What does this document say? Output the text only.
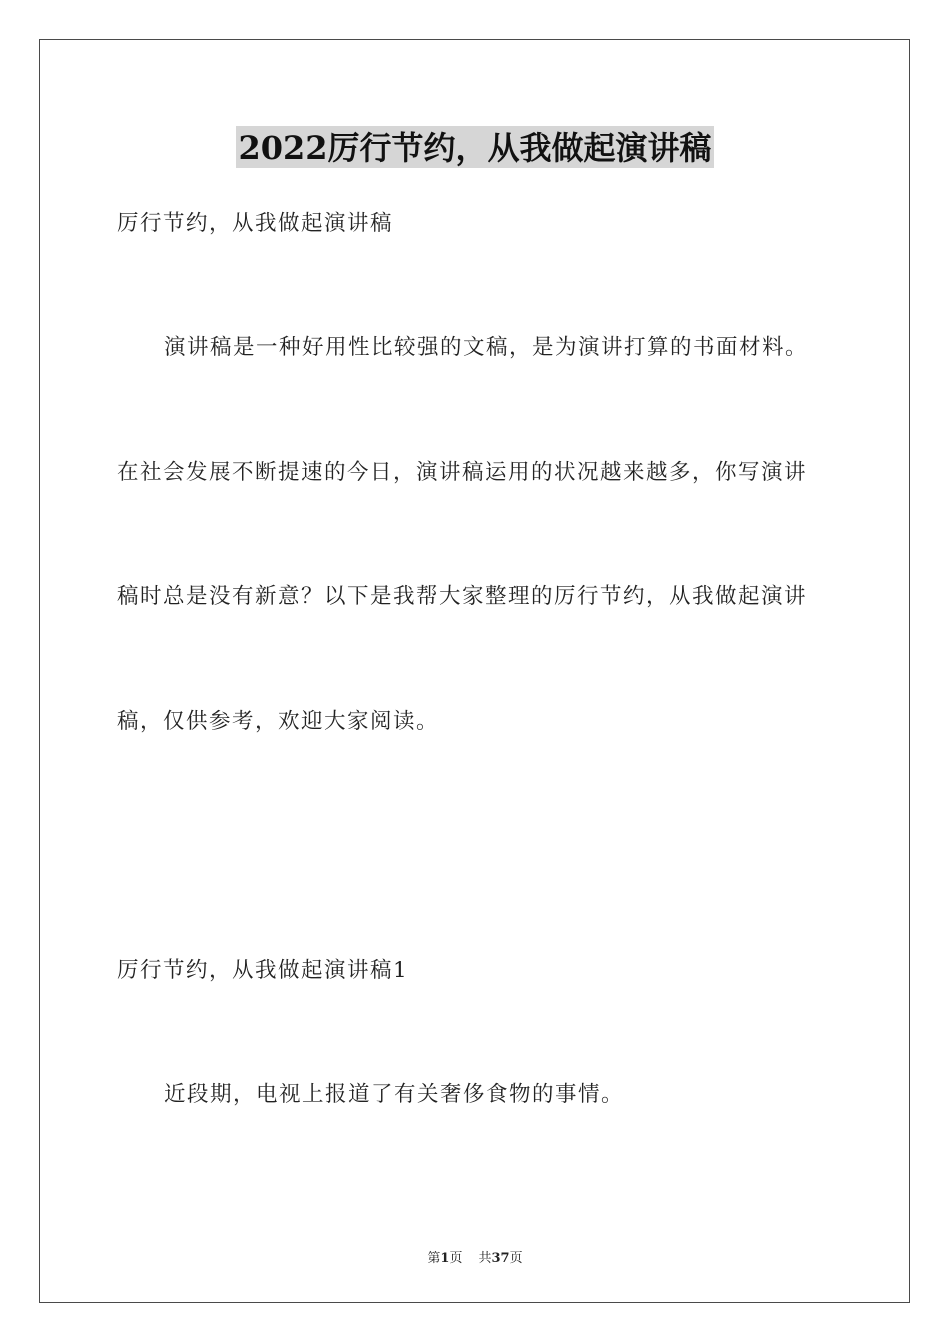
2022厉行节约，从我做起演讲稿
厉行节约，从我做起演讲稿
演讲稿是一种好用性比较强的文稿，是为演讲打算的书面材料。
在社会发展不断提速的今日，演讲稿运用的状况越来越多，你写演讲
稿时总是没有新意？以下是我帮大家整理的厉行节约，从我做起演讲
稿，仅供参考，欢迎大家阅读。
厉行节约，从我做起演讲稿1
近段期，电视上报道了有关奢侈食物的事情。
第1页 共37页
